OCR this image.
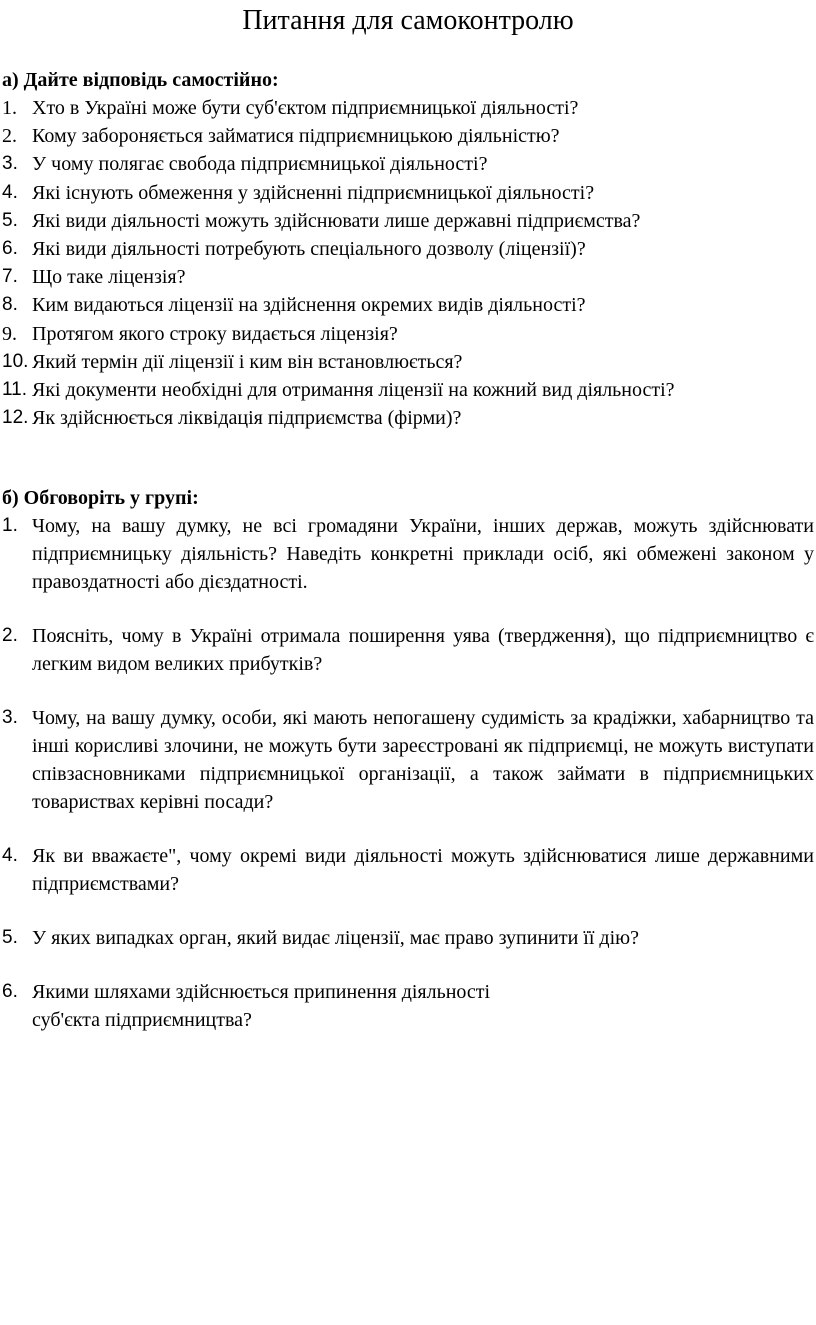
Питання для самоконтролю

а) Дайте відповідь самостійно:

1. Хто в Україні може бути суб'єктом підприємницької діяльності?
2. Кому забороняється займатися підприємницькою діяльністю?
3. У чому полягає свобода підприємницької діяльності?
4. Які існують обмеження у здійсненні підприємницької діяльності?
5. Які види діяльності можуть здійснювати лише державні підприємства?
6. Які види діяльності потребують спеціального дозволу (ліцензії)?
7. Що таке ліцензія?
8. Ким видаються ліцензії на здійснення окремих видів діяльності?
9. Протягом якого строку видається ліцензія?
10. Який термін дії ліцензії і ким він встановлюється?
11. Які документи необхідні для отримання ліцензії на кожний вид діяльності?
12. Як здійснюється ліквідація підприємства (фірми)?

б) Обговоріть у групі:

1. Чому, на вашу думку, не всі громадяни України, інших держав, можуть здійснювати підприємницьку діяльність? Наведіть конкретні приклади осіб, які обмежені законом у правоздатності або дієздатності.
2. Поясніть, чому в Україні отримала поширення уява (твердження), що підприємництво є легким видом великих прибутків?
3. Чому, на вашу думку, особи, які мають непогашену судимість за крадіжки, хабарництво та інші корисливі злочини, не можуть бути зареєстровані як підприємці, не можуть виступати співзасновниками підприємницької організації, а також займати в підприємницьких товариствах керівні посади?
4. Як ви вважаєте", чому окремі види діяльності можуть здійснюватися лише державними підприємствами?
5. У яких випадках орган, який видає ліцензії, має право зупинити її дію?
6. Якими шляхами здійснюється припинення діяльності
суб'єкта підприємництва?
